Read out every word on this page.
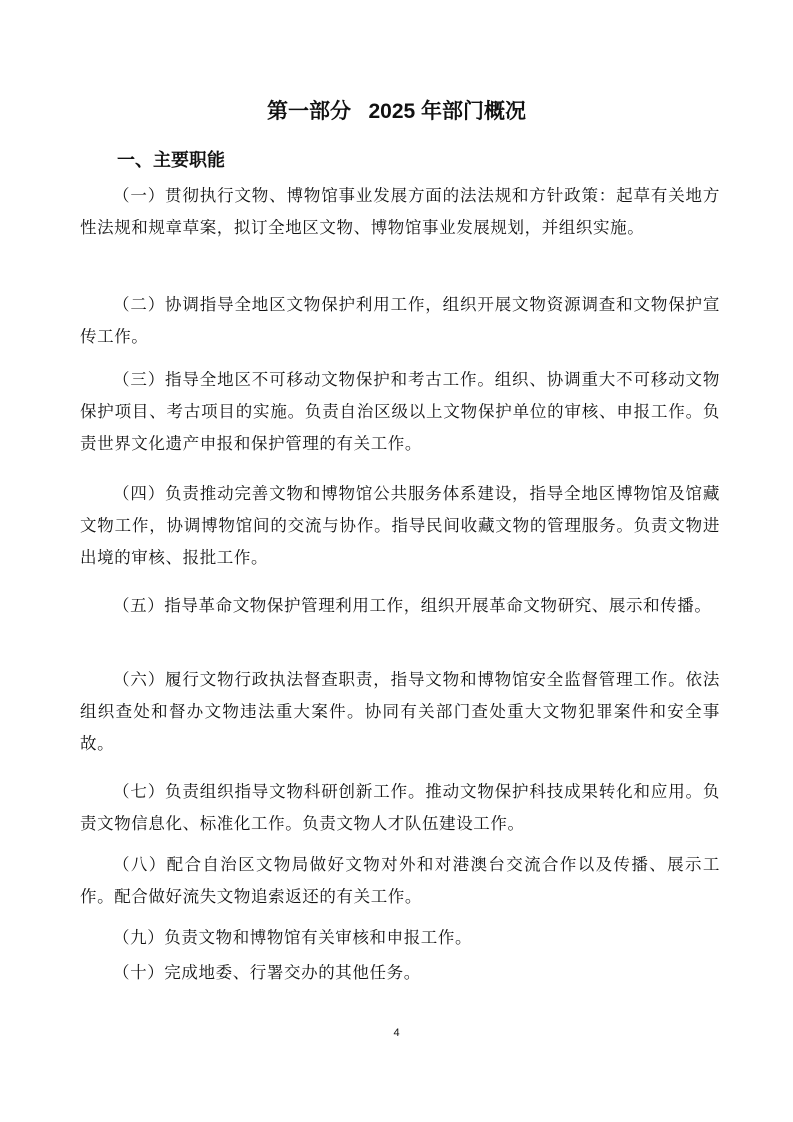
第一部分   2025 年部门概况
一、主要职能

（一）贯彻执行文物、博物馆事业发展方面的法法规和方针政策：起草有关地方性法规和规章草案，拟订全地区文物、博物馆事业发展规划，并组织实施。

（二）协调指导全地区文物保护利用工作，组织开展文物资源调查和文物保护宣传工作。

（三）指导全地区不可移动文物保护和考古工作。组织、协调重大不可移动文物保护项目、考古项目的实施。负责自治区级以上文物保护单位的审核、申报工作。负责世界文化遗产申报和保护管理的有关工作。

（四）负责推动完善文物和博物馆公共服务体系建设，指导全地区博物馆及馆藏文物工作，协调博物馆间的交流与协作。指导民间收藏文物的管理服务。负责文物进出境的审核、报批工作。

（五）指导革命文物保护管理利用工作，组织开展革命文物研究、展示和传播。

（六）履行文物行政执法督查职责，指导文物和博物馆安全监督管理工作。依法组织查处和督办文物违法重大案件。协同有关部门查处重大文物犯罪案件和安全事故。

（七）负责组织指导文物科研创新工作。推动文物保护科技成果转化和应用。负责文物信息化、标准化工作。负责文物人才队伍建设工作。

（八）配合自治区文物局做好文物对外和对港澳台交流合作以及传播、展示工作。配合做好流失文物追索返还的有关工作。

（九）负责文物和博物馆有关审核和申报工作。

（十）完成地委、行署交办的其他任务。

4
